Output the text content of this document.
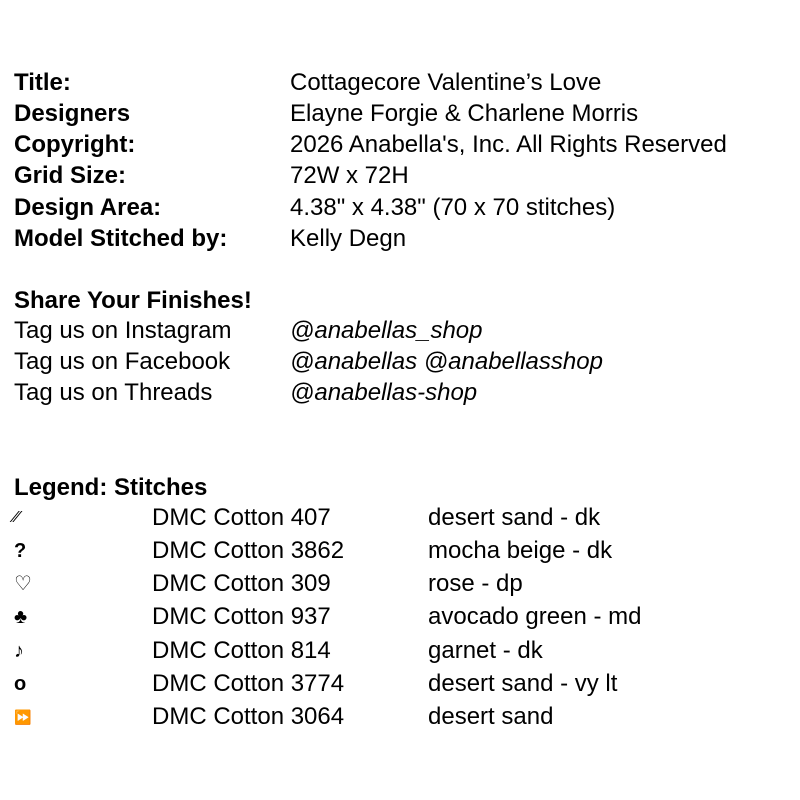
Title:	Cottagecore Valentine’s Love
Designers	Elayne Forgie & Charlene Morris
Copyright:	2026 Anabella's, Inc. All Rights Reserved
Grid Size:	72W x 72H
Design Area:	4.38" x 4.38" (70 x 70 stitches)
Model Stitched by:	Kelly Degn
Share Your Finishes!
Tag us on Instagram @anabellas_shop
Tag us on Facebook @anabellas @anabellasshop
Tag us on Threads	@anabellas-shop
Legend: Stitches
∕∕	DMC Cotton 407	desert sand - dk
?	DMC Cotton 3862	mocha beige - dk
♡	DMC Cotton 309	rose - dp
♣	DMC Cotton 937	avocado green - md
♪	DMC Cotton 814	garnet - dk
o	DMC Cotton 3774	desert sand - vy lt
⏩	DMC Cotton 3064	desert sand
